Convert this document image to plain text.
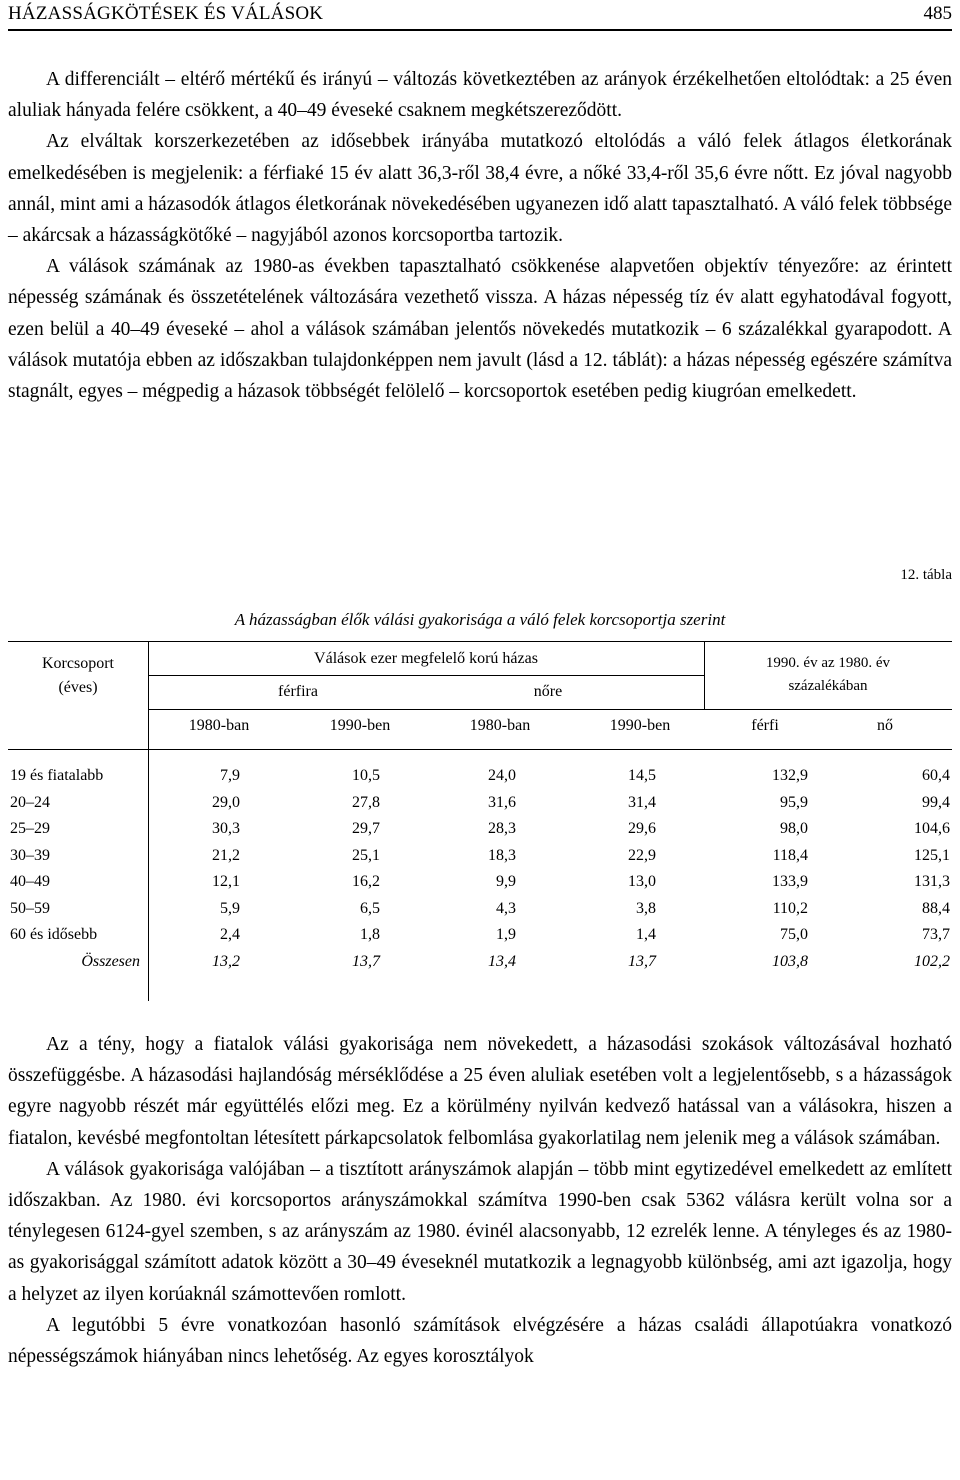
HÁZASSÁGKÖTÉSEK ÉS VÁLÁSOK	485

A differenciált – eltérő mértékű és irányú – változás következtében az arányok érzékelhetően eltolódtak: a 25 éven aluliak hányada felére csökkent, a 40–49 éveseké csaknem megkétszereződött.

Az elváltak korszerkezetében az idősebbek irányába mutatkozó eltolódás a váló felek átlagos életkorának emelkedésében is megjelenik: a férfiaké 15 év alatt 36,3-ről 38,4 évre, a nőké 33,4-ről 35,6 évre nőtt. Ez jóval nagyobb annál, mint ami a házasodók átlagos életkorának növekedésében ugyanezen idő alatt tapasztalható. A váló felek többsége – akárcsak a házasságkötőké – nagyjából azonos korcsoportba tartozik.

A válások számának az 1980-as években tapasztalható csökkenése alapvetően objektív tényezőre: az érintett népesség számának és összetételének változására vezethető vissza. A házas népesség tíz év alatt egyhatodával fogyott, ezen belül a 40–49 éveseké – ahol a válások számában jelentős növekedés mutatkozik – 6 százalékkal gyarapodott. A válások mutatója ebben az időszakban tulajdonképpen nem javult (lásd a 12. táblát): a házas népesség egészére számítva stagnált, egyes – mégpedig a házasok többségét felölelő – korcsoportok esetében pedig kiugróan emelkedett.

12. tábla
A házasságban élők válási gyakorisága a váló felek korcsoportja szerint
Korcsoport
(éves)
Válások ezer megfelelő korú házas
férfira	nőre
1990. év az 1980. év
százalékában
1980-ban	1990-ben	1980-ban	1990-ben	férfi	nő
19 és fiatalabb	7,9	10,5	24,0	14,5	132,9	60,4
20–24	29,0	27,8	31,6	31,4	95,9	99,4
25–29	30,3	29,7	28,3	29,6	98,0	104,6
30–39	21,2	25,1	18,3	22,9	118,4	125,1
40–49	12,1	16,2	9,9	13,0	133,9	131,3
50–59	5,9	6,5	4,3	3,8	110,2	88,4
60 és idősebb	2,4	1,8	1,9	1,4	75,0	73,7
Összesen	13,2	13,7	13,4	13,7	103,8	102,2

Az a tény, hogy a fiatalok válási gyakorisága nem növekedett, a házasodási szokások változásával hozható összefüggésbe. A házasodási hajlandóság mérséklődése a 25 éven aluliak esetében volt a legjelentősebb, s a házasságok egyre nagyobb részét már együttélés előzi meg. Ez a körülmény nyilván kedvező hatással van a válásokra, hiszen a fiatalon, kevésbé megfontoltan létesített párkapcsolatok felbomlása gyakorlatilag nem jelenik meg a válások számában.

A válások gyakorisága valójában – a tisztított arányszámok alapján – több mint egytizedével emelkedett az említett időszakban. Az 1980. évi korcsoportos arányszámokkal számítva 1990-ben csak 5362 válásra került volna sor a ténylegesen 6124-gyel szemben, s az arányszám az 1980. évinél alacsonyabb, 12 ezrelék lenne. A tényleges és az 1980-as gyakorisággal számított adatok között a 30–49 éveseknél mutatkozik a legnagyobb különbség, ami azt igazolja, hogy a helyzet az ilyen korúaknál számottevően romlott.

A legutóbbi 5 évre vonatkozóan hasonló számítások elvégzésére a házas családi állapotúakra vonatkozó népességszámok hiányában nincs lehetőség. Az egyes korosztályok
